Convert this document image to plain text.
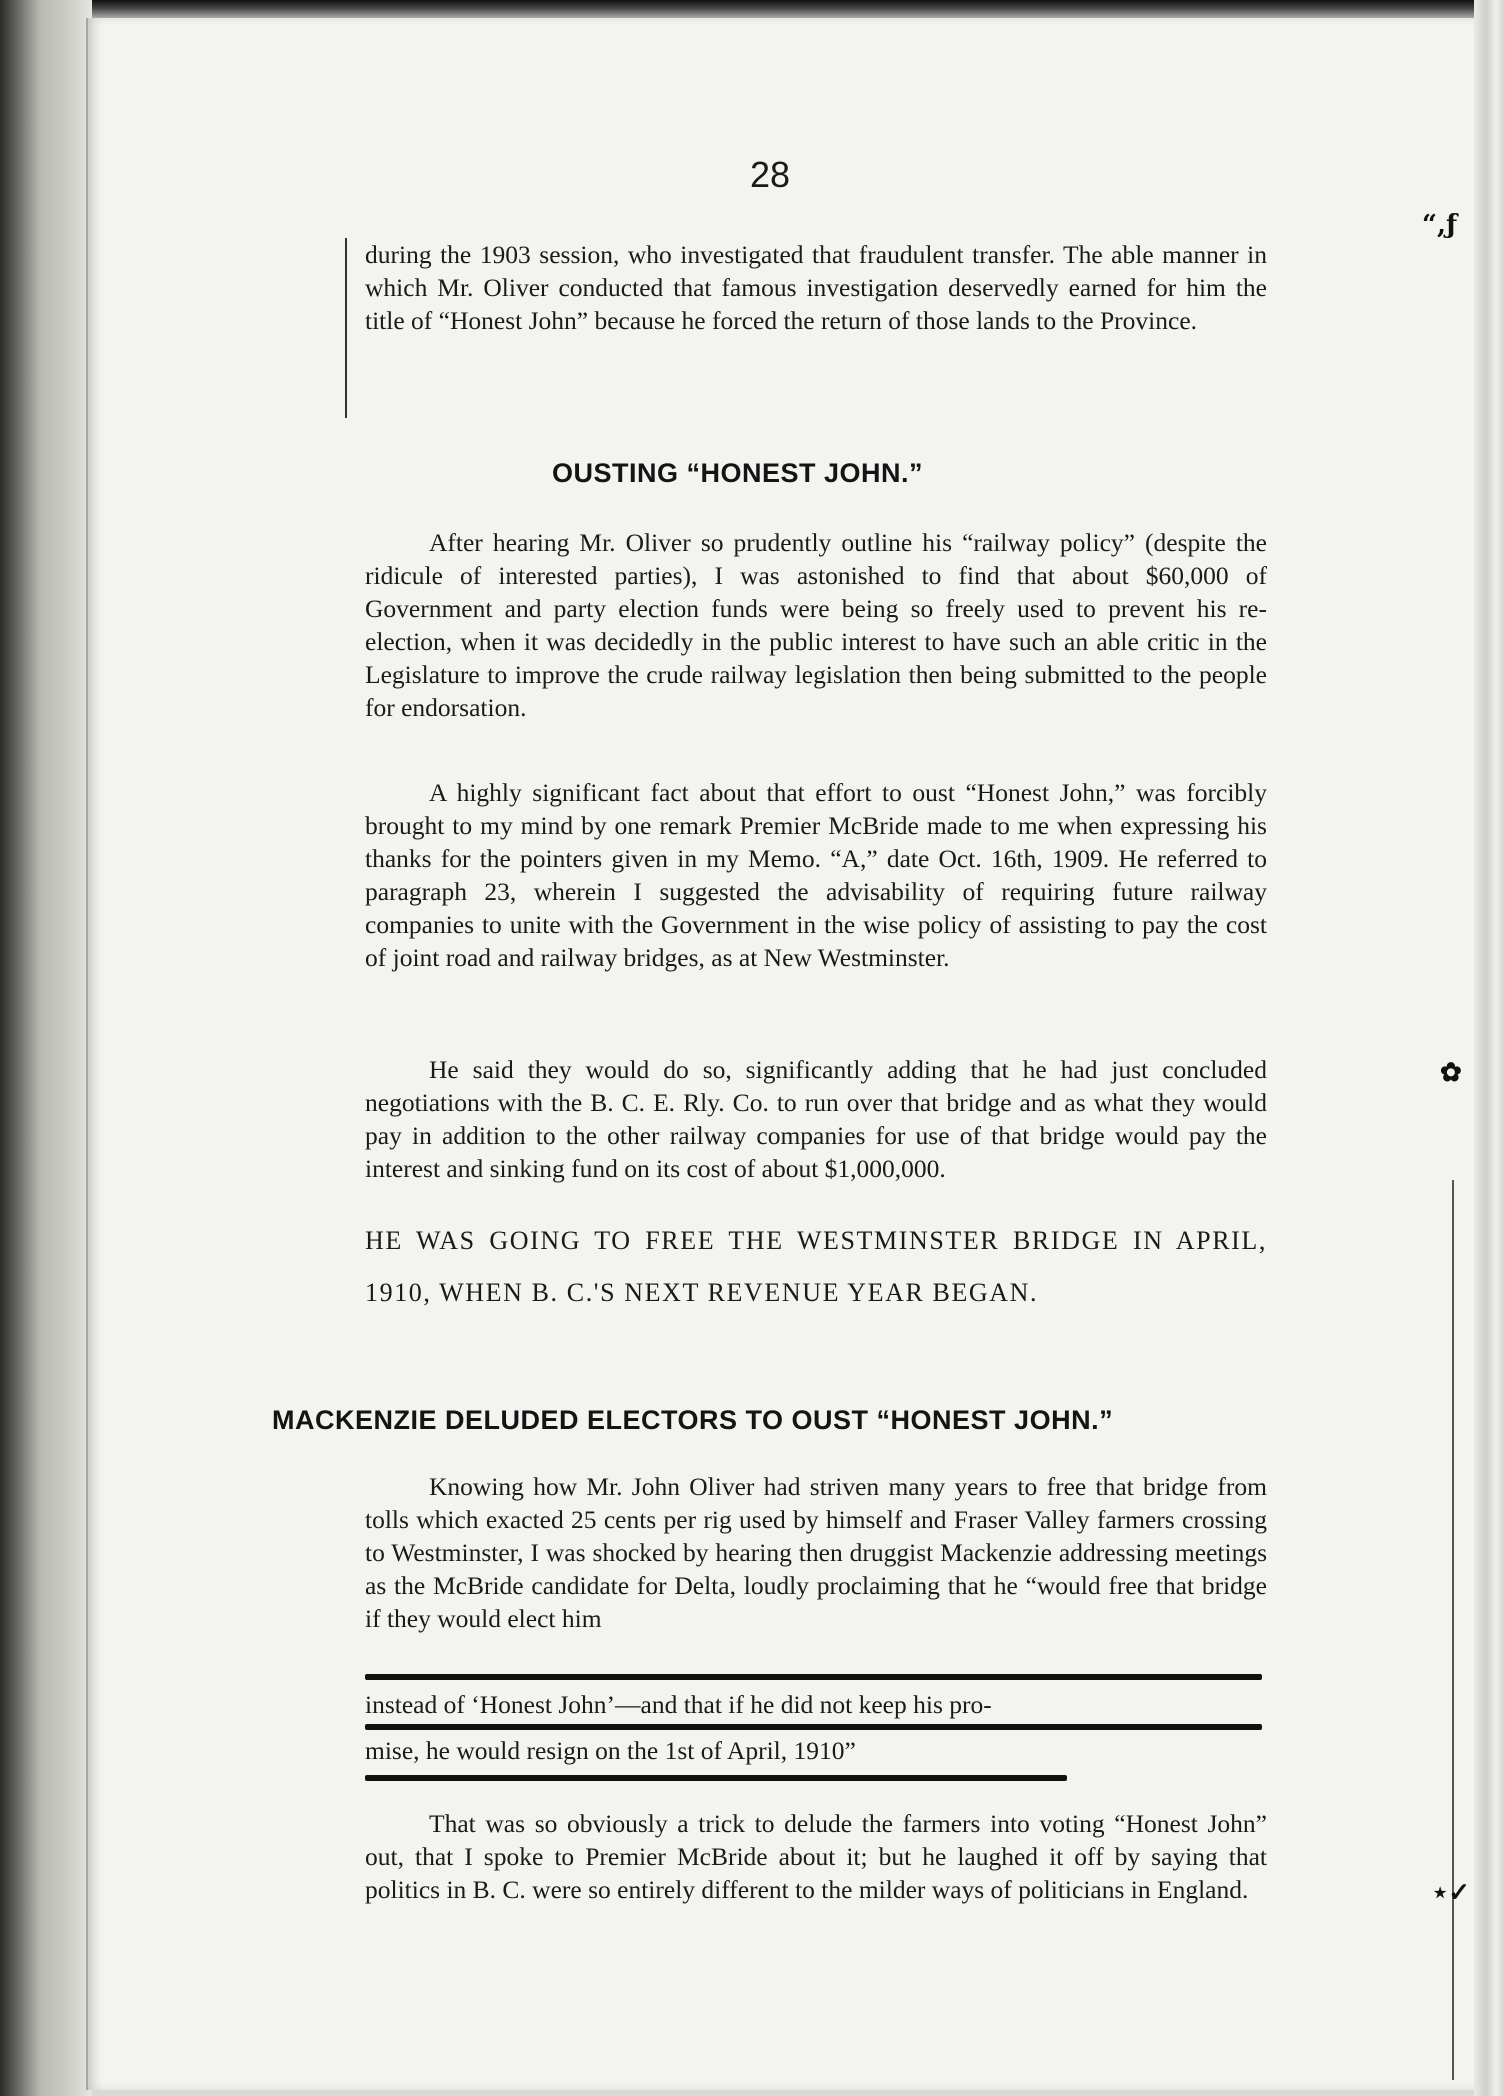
“,ƒ
✿
⋆✓
28

during the 1903 session, who investigated that fraudulent transfer. The able manner in which Mr. Oliver conducted that famous investigation deservedly earned for him the title of “Honest John” because he forced the return of those lands to the Province.

OUSTING “HONEST JOHN.”

After hearing Mr. Oliver so prudently outline his “railway policy” (despite the ridicule of interested parties), I was astonished to find that about $60,000 of Government and party election funds were being so freely used to prevent his re-election, when it was decidedly in the public interest to have such an able critic in the Legislature to improve the crude railway legislation then being submitted to the people for endorsation.

A highly significant fact about that effort to oust “Honest John,” was forcibly brought to my mind by one remark Premier McBride made to me when expressing his thanks for the pointers given in my Memo. “A,” date Oct. 16th, 1909. He referred to paragraph 23, wherein I suggested the advisability of requiring future railway companies to unite with the Government in the wise policy of assisting to pay the cost of joint road and railway bridges, as at New Westminster.

He said they would do so, significantly adding that he had just concluded negotiations with the B. C. E. Rly. Co. to run over that bridge and as what they would pay in addition to the other railway companies for use of that bridge would pay the interest and sinking fund on its cost of about $1,000,000.

HE WAS GOING TO FREE THE WESTMINSTER BRIDGE IN APRIL, 1910, WHEN B. C.'S NEXT REVENUE YEAR BEGAN.

MACKENZIE DELUDED ELECTORS TO OUST “HONEST JOHN.”

Knowing how Mr. John Oliver had striven many years to free that bridge from tolls which exacted 25 cents per rig used by himself and Fraser Valley farmers crossing to Westminster, I was shocked by hearing then druggist Mackenzie addressing meetings as the McBride candidate for Delta, loudly proclaiming that he “would free that bridge if they would elect him

instead of ‘Honest John’—and that if he did not keep his pro-

mise, he would resign on the 1st of April, 1910”

That was so obviously a trick to delude the farmers into voting “Honest John” out, that I spoke to Premier McBride about it; but he laughed it off by saying that politics in B. C. were so entirely different to the milder ways of politicians in England.
